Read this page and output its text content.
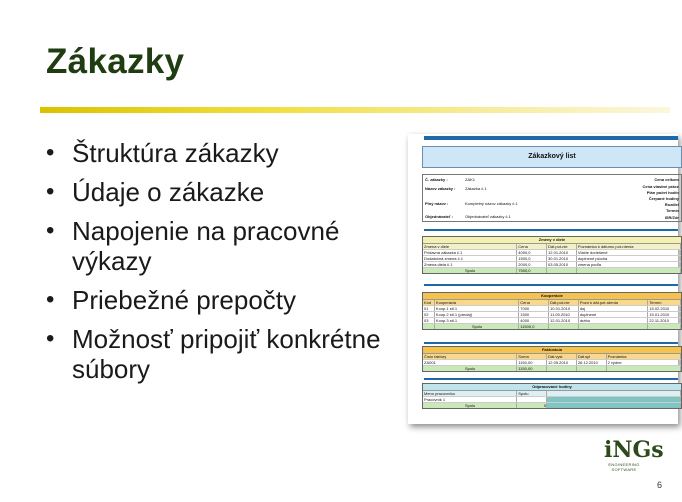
Zákazky
• Štruktúra zákazky
• Údaje o zákazke
• Napojenie na pracovné výkazy
• Priebežné prepočty
• Možnosť pripojiť konkrétne súbory
Zákazkový list
Č. zákazky :	ZAK1
Názov zákazky : Zákazka č.1
Plný názov :	Kompletný názov zákazky č.1
Objednávateľ :	Objednávateľ zákazky č.1
Cena celkom
Cena vlastné práce
Plán počet hodín
Čerpané hodiny
Rozdiel
Termín
ISR/Zdr
Zmeny v diele
Zmena v diele	Cena	Dát.pot-nie	Poznámka k dátumu pot-rdenia
Prídavná zákazka č.1	4000,0	12.01.2010	Vtáčie doriešené
Dodatočná zmena č.1	1500,0	30.01.2010	doplnené plocha
Zmena diela č.1	2000,0	03.05.2010	zmena podľa
Spolu	7500,0
Kooperácie
Kód	Kooperácia	Cena	Dát.pot-nie	Pozn k dát.pot-rdenia	Termín
01	Koop.1 stl.1	7000	10.01.2010	doj	15.02.2010
02	Koop.2 stl.1 (predaj)	1500	11.05.2010	doplnené	15.01.2010
03	Koop.3 stl.1	4000	12.01.2010	dráhu	22.11.2010
Spolu	11500,0
Faktúrácia
Číslo faktúry	Suma	Dát.vyst	Dát.spl	Poznámka
ZA001	1150,00	12.05.2010	26.12.2010	2 výdne
Spolu	1150,00
Odpracované hodiny
Meno pracovníka	Spolu
Pracovník 1
Spolu	0
iNGs
ENGINEERING
SOFTWARE
6
